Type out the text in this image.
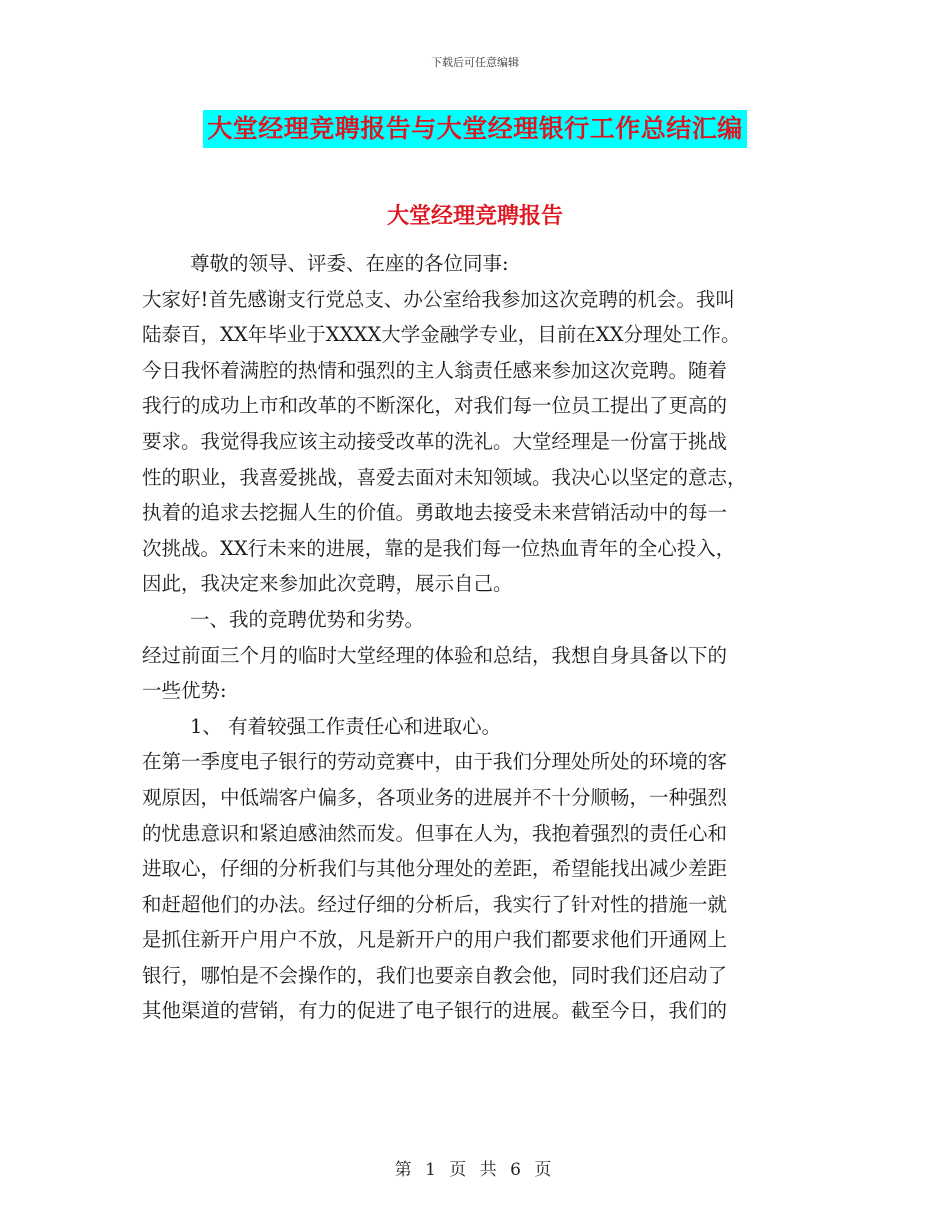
下载后可任意编辑
大堂经理竞聘报告与大堂经理银行工作总结汇编
大堂经理竞聘报告
尊敬的领导、评委、在座的各位同事:
大家好!首先感谢支行党总支、办公室给我参加这次竞聘的机会。我叫
陆泰百，XX年毕业于XXXX大学金融学专业，目前在XX分理处工作。
今日我怀着满腔的热情和强烈的主人翁责任感来参加这次竞聘。随着
我行的成功上市和改革的不断深化，对我们每一位员工提出了更高的
要求。我觉得我应该主动接受改革的洗礼。大堂经理是一份富于挑战
性的职业，我喜爱挑战，喜爱去面对未知领域。我决心以坚定的意志，
执着的追求去挖掘人生的价值。勇敢地去接受未来营销活动中的每一
次挑战。XX行未来的进展，靠的是我们每一位热血青年的全心投入，
因此，我决定来参加此次竞聘，展示自己。
一、我的竞聘优势和劣势。
经过前面三个月的临时大堂经理的体验和总结，我想自身具备以下的
一些优势:
1、 有着较强工作责任心和进取心。
在第一季度电子银行的劳动竞赛中，由于我们分理处所处的环境的客
观原因，中低端客户偏多，各项业务的进展并不十分顺畅，一种强烈
的忧患意识和紧迫感油然而发。但事在人为，我抱着强烈的责任心和
进取心，仔细的分析我们与其他分理处的差距，希望能找出减少差距
和赶超他们的办法。经过仔细的分析后，我实行了针对性的措施一就
是抓住新开户用户不放，凡是新开户的用户我们都要求他们开通网上
银行，哪怕是不会操作的，我们也要亲自教会他，同时我们还启动了
其他渠道的营销，有力的促进了电子银行的进展。截至今日，我们的
第 1 页 共 6 页
